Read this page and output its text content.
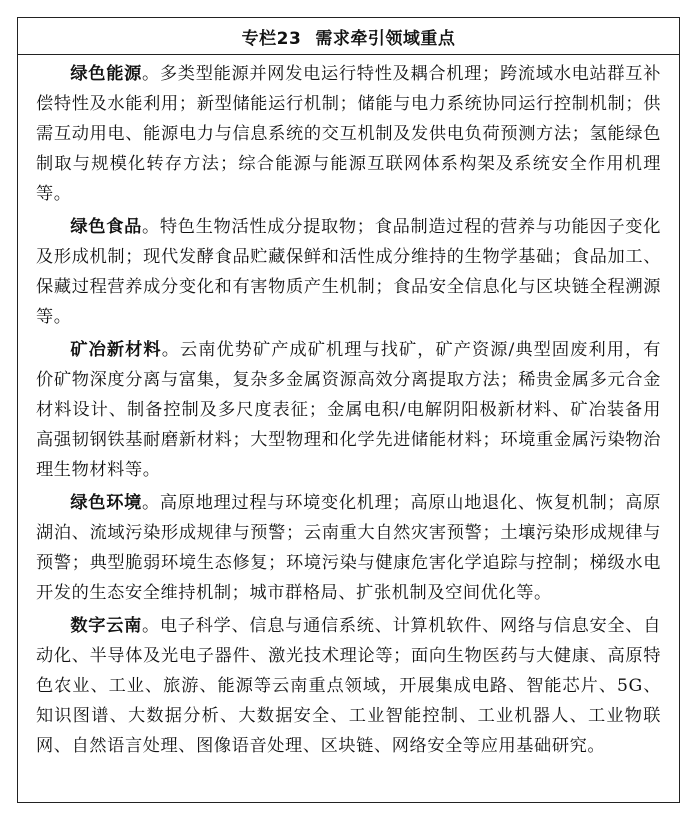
专栏23 需求牵引领域重点

绿色能源。多类型能源并网发电运行特性及耦合机理；跨流域水电站群互补偿特性及水能利用；新型储能运行机制；储能与电力系统协同运行控制机制；供需互动用电、能源电力与信息系统的交互机制及发供电负荷预测方法；氢能绿色制取与规模化转存方法；综合能源与能源互联网体系构架及系统安全作用机理等。

绿色食品。特色生物活性成分提取物；食品制造过程的营养与功能因子变化及形成机制；现代发酵食品贮藏保鲜和活性成分维持的生物学基础；食品加工、保藏过程营养成分变化和有害物质产生机制；食品安全信息化与区块链全程溯源等。

矿冶新材料。云南优势矿产成矿机理与找矿，矿产资源/典型固废利用，有价矿物深度分离与富集，复杂多金属资源高效分离提取方法；稀贵金属多元合金材料设计、制备控制及多尺度表征；金属电积/电解阴阳极新材料、矿冶装备用高强韧钢铁基耐磨新材料；大型物理和化学先进储能材料；环境重金属污染物治理生物材料等。

绿色环境。高原地理过程与环境变化机理；高原山地退化、恢复机制；高原湖泊、流域污染形成规律与预警；云南重大自然灾害预警；土壤污染形成规律与预警；典型脆弱环境生态修复；环境污染与健康危害化学追踪与控制；梯级水电开发的生态安全维持机制；城市群格局、扩张机制及空间优化等。

数字云南。电子科学、信息与通信系统、计算机软件、网络与信息安全、自动化、半导体及光电子器件、激光技术理论等；面向生物医药与大健康、高原特色农业、工业、旅游、能源等云南重点领域，开展集成电路、智能芯片、5G、知识图谱、大数据分析、大数据安全、工业智能控制、工业机器人、工业物联网、自然语言处理、图像语音处理、区块链、网络安全等应用基础研究。
